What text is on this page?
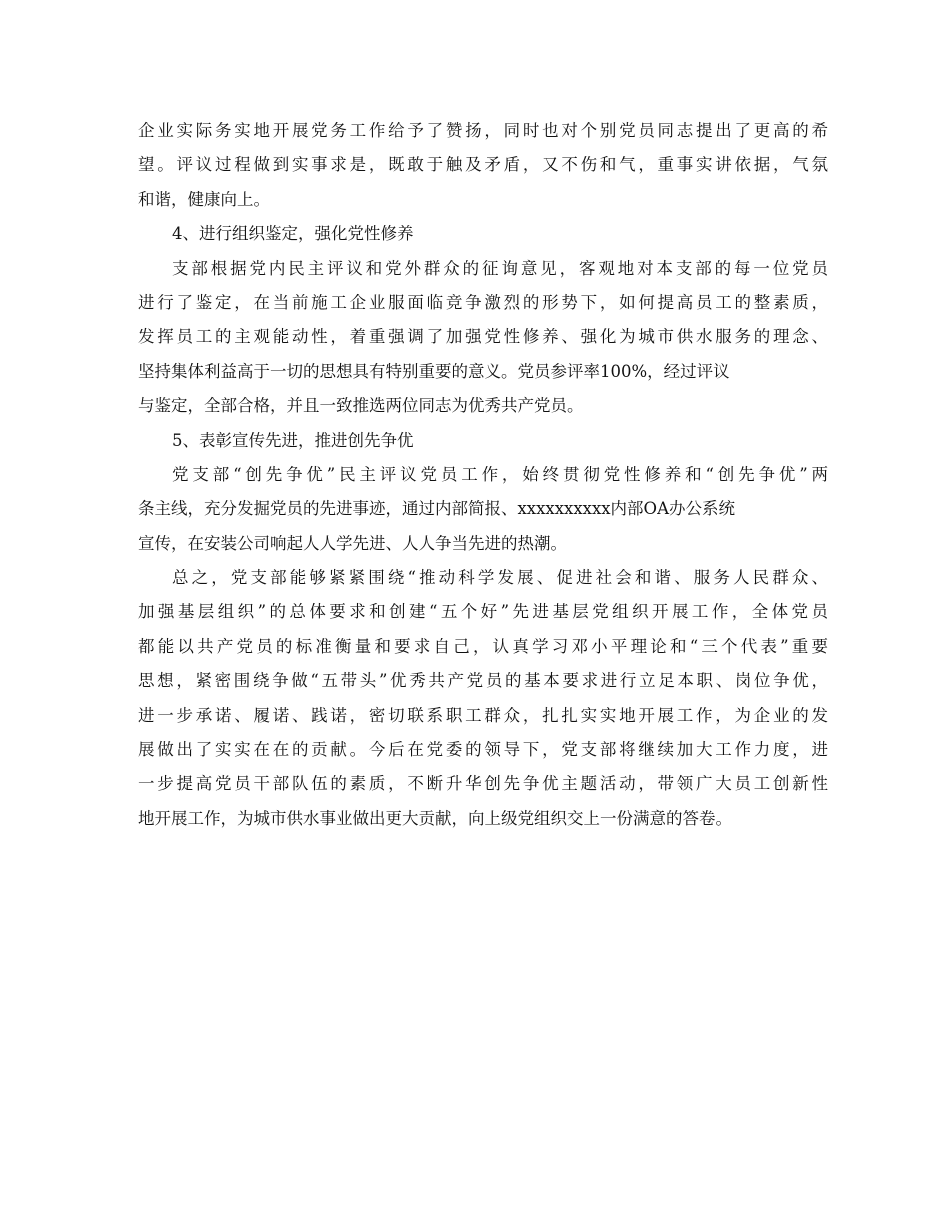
企业实际务实地开展党务工作给予了赞扬，同时也对个别党员同志提出了更高的希
望。评议过程做到实事求是，既敢于触及矛盾，又不伤和气，重事实讲依据，气氛
和谐，健康向上。
4、进行组织鉴定，强化党性修养
支部根据党内民主评议和党外群众的征询意见，客观地对本支部的每一位党员
进行了鉴定，在当前施工企业服面临竞争激烈的形势下，如何提高员工的整素质，
发挥员工的主观能动性，着重强调了加强党性修养、强化为城市供水服务的理念、
坚持集体利益高于一切的思想具有特别重要的意义。党员参评率100%，经过评议
与鉴定，全部合格，并且一致推选两位同志为优秀共产党员。
5、表彰宣传先进，推进创先争优
党支部“创先争优”民主评议党员工作，始终贯彻党性修养和“创先争优”两
条主线，充分发掘党员的先进事迹，通过内部简报、xxxxxxxxxx内部OA办公系统
宣传，在安装公司响起人人学先进、人人争当先进的热潮。
总之，党支部能够紧紧围绕“推动科学发展、促进社会和谐、服务人民群众、
加强基层组织”的总体要求和创建“五个好”先进基层党组织开展工作，全体党员
都能以共产党员的标准衡量和要求自己，认真学习邓小平理论和“三个代表”重要
思想，紧密围绕争做“五带头”优秀共产党员的基本要求进行立足本职、岗位争优，
进一步承诺、履诺、践诺，密切联系职工群众，扎扎实实地开展工作，为企业的发
展做出了实实在在的贡献。今后在党委的领导下，党支部将继续加大工作力度，进
一步提高党员干部队伍的素质，不断升华创先争优主题活动，带领广大员工创新性
地开展工作，为城市供水事业做出更大贡献，向上级党组织交上一份满意的答卷。
